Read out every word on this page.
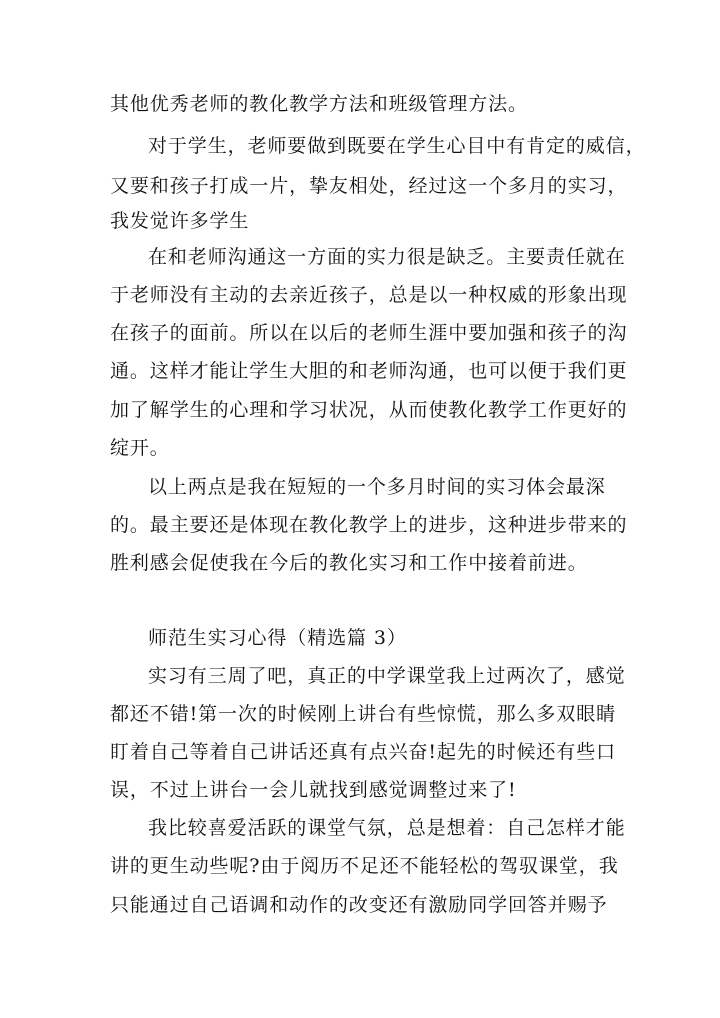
其他优秀老师的教化教学方法和班级管理方法。
对于学生，老师要做到既要在学生心目中有肯定的威信，
又要和孩子打成一片，挚友相处，经过这一个多月的实习，
我发觉许多学生
在和老师沟通这一方面的实力很是缺乏。主要责任就在
于老师没有主动的去亲近孩子，总是以一种权威的形象出现
在孩子的面前。所以在以后的老师生涯中要加强和孩子的沟
通。这样才能让学生大胆的和老师沟通，也可以便于我们更
加了解学生的心理和学习状况，从而使教化教学工作更好的
绽开。
以上两点是我在短短的一个多月时间的实习体会最深
的。最主要还是体现在教化教学上的进步，这种进步带来的
胜利感会促使我在今后的教化实习和工作中接着前进。
师范生实习心得（精选篇 3）
实习有三周了吧，真正的中学课堂我上过两次了，感觉
都还不错!第一次的时候刚上讲台有些惊慌，那么多双眼睛
盯着自己等着自己讲话还真有点兴奋!起先的时候还有些口
误，不过上讲台一会儿就找到感觉调整过来了!
我比较喜爱活跃的课堂气氛，总是想着：自己怎样才能
讲的更生动些呢?由于阅历不足还不能轻松的驾驭课堂，我
只能通过自己语调和动作的改变还有激励同学回答并赐予
